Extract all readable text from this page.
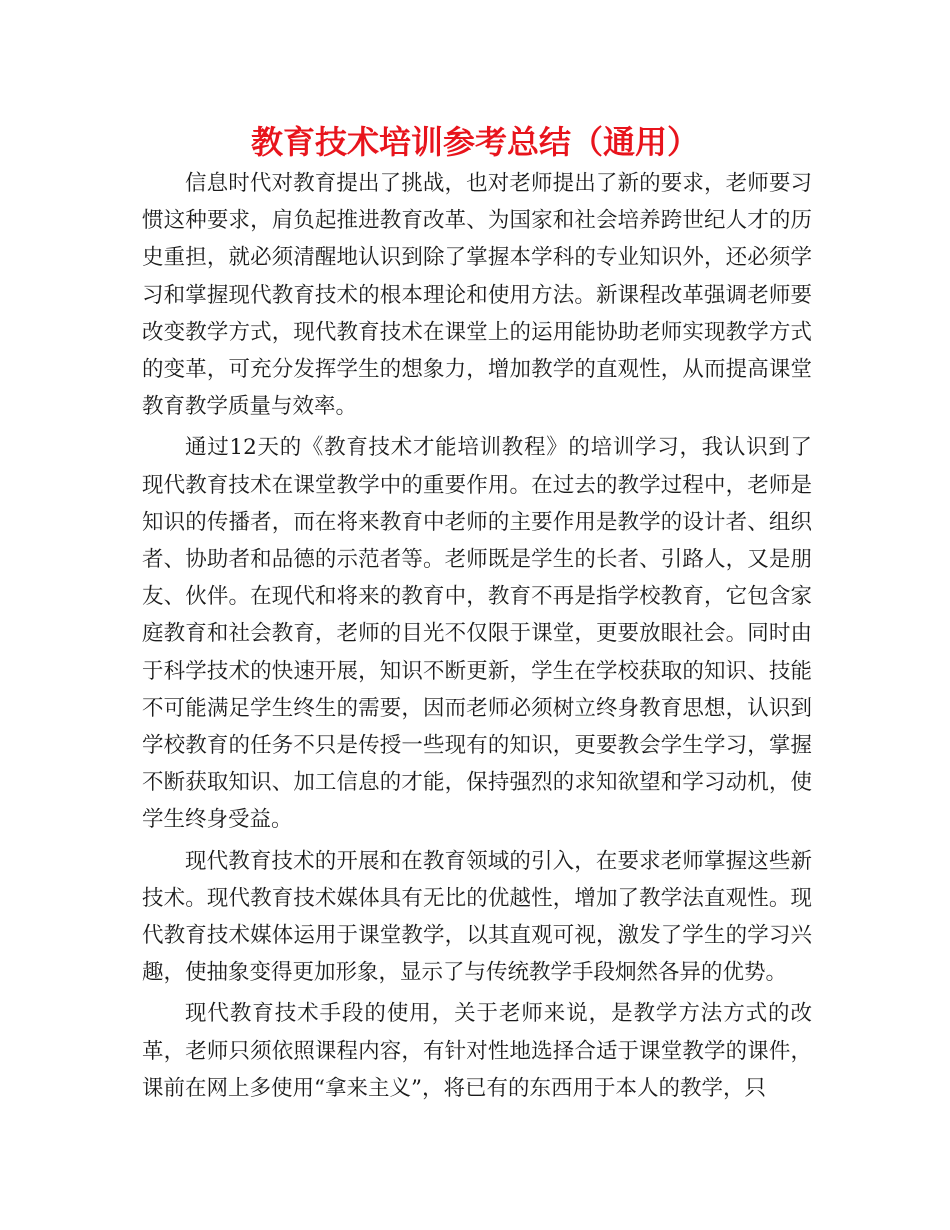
教育技术培训参考总结（通用）

信息时代对教育提出了挑战，也对老师提出了新的要求，老师要习惯这种要求，肩负起推进教育改革、为国家和社会培养跨世纪人才的历史重担，就必须清醒地认识到除了掌握本学科的专业知识外，还必须学习和掌握现代教育技术的根本理论和使用方法。新课程改革强调老师要改变教学方式，现代教育技术在课堂上的运用能协助老师实现教学方式的变革，可充分发挥学生的想象力，增加教学的直观性，从而提高课堂教育教学质量与效率。

通过12天的《教育技术才能培训教程》的培训学习，我认识到了现代教育技术在课堂教学中的重要作用。在过去的教学过程中，老师是知识的传播者，而在将来教育中老师的主要作用是教学的设计者、组织者、协助者和品德的示范者等。老师既是学生的长者、引路人，又是朋友、伙伴。在现代和将来的教育中，教育不再是指学校教育，它包含家庭教育和社会教育，老师的目光不仅限于课堂，更要放眼社会。同时由于科学技术的快速开展，知识不断更新，学生在学校获取的知识、技能不可能满足学生终生的需要，因而老师必须树立终身教育思想，认识到学校教育的任务不只是传授一些现有的知识，更要教会学生学习，掌握不断获取知识、加工信息的才能，保持强烈的求知欲望和学习动机，使学生终身受益。

现代教育技术的开展和在教育领域的引入，在要求老师掌握这些新技术。现代教育技术媒体具有无比的优越性，增加了教学法直观性。现代教育技术媒体运用于课堂教学，以其直观可视，激发了学生的学习兴趣，使抽象变得更加形象，显示了与传统教学手段炯然各异的优势。

现代教育技术手段的使用，关于老师来说，是教学方法方式的改革，老师只须依照课程内容，有针对性地选择合适于课堂教学的课件，课前在网上多使用“拿来主义”，将已有的东西用于本人的教学，只
